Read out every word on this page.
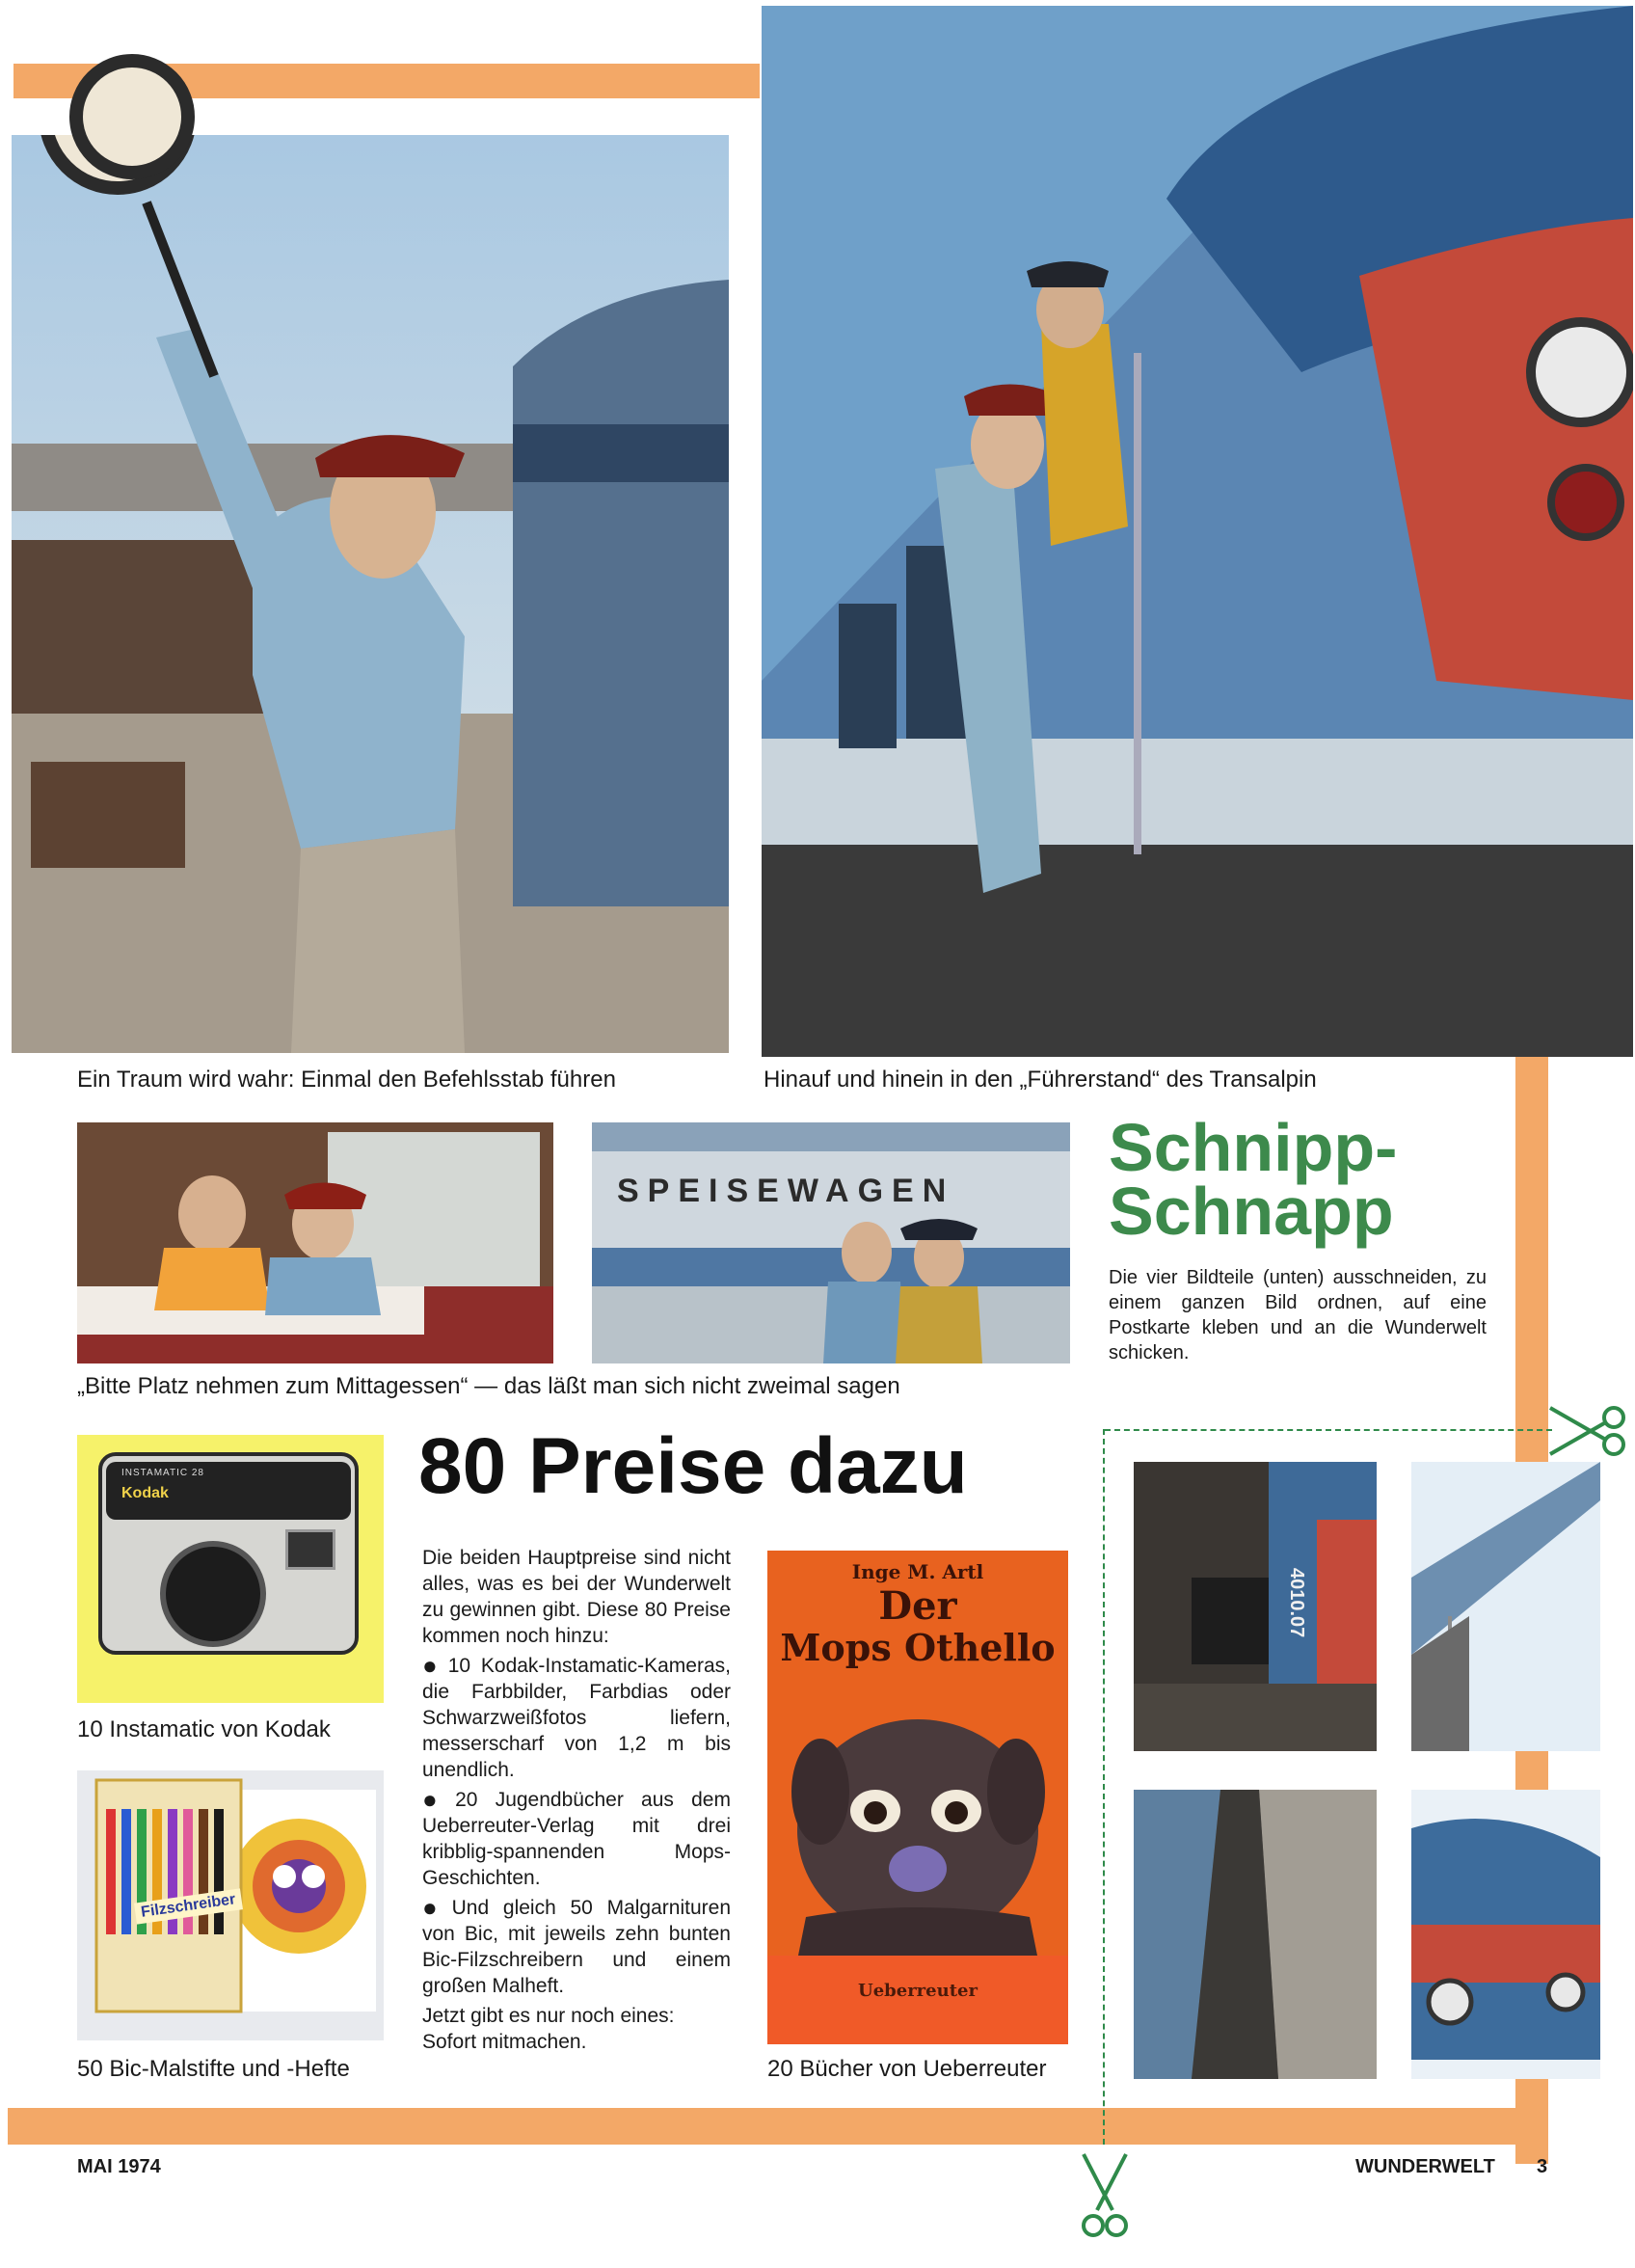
Ein Traum wird wahr: Einmal den Befehlsstab führen	Hinauf und hinein in den „Führerstand“ des Transalpin
SPEISEWAGEN
„Bitte Platz nehmen zum Mittagessen“ — das läßt man sich nicht zweimal sagen
Schnipp-
Schnapp
Die vier Bildteile (unten) ausschneiden, zu einem ganzen Bild ordnen, auf eine Postkarte kleben und an die Wunderwelt schicken.
4010.07
80 Preise dazu
Kodak
INSTAMATIC 28
10 Instamatic von Kodak
Filzschreiber
50 Bic-Malstifte und -Hefte

Die beiden Hauptpreise sind nicht alles, was es bei der Wunderwelt zu gewinnen gibt. Diese 80 Preise kommen noch hinzu:

● 10 Kodak-Instamatic-Kameras, die Farbbilder, Farbdias oder Schwarzweißfotos liefern, messerscharf von 1,2 m bis unendlich.

● 20 Jugendbücher aus dem Ueberreuter-Verlag mit drei kribblig-spannenden Mops-Geschichten.

● Und gleich 50 Malgarnituren von Bic, mit jeweils zehn bunten Bic-Filzschreibern und einem großen Malheft.

Jetzt gibt es nur noch eines: Sofort mitmachen.

Inge M. Artl
Der
Mops Othello
Ueberreuter
20 Bücher von Ueberreuter
MAI 1974	WUNDERWELT 3
